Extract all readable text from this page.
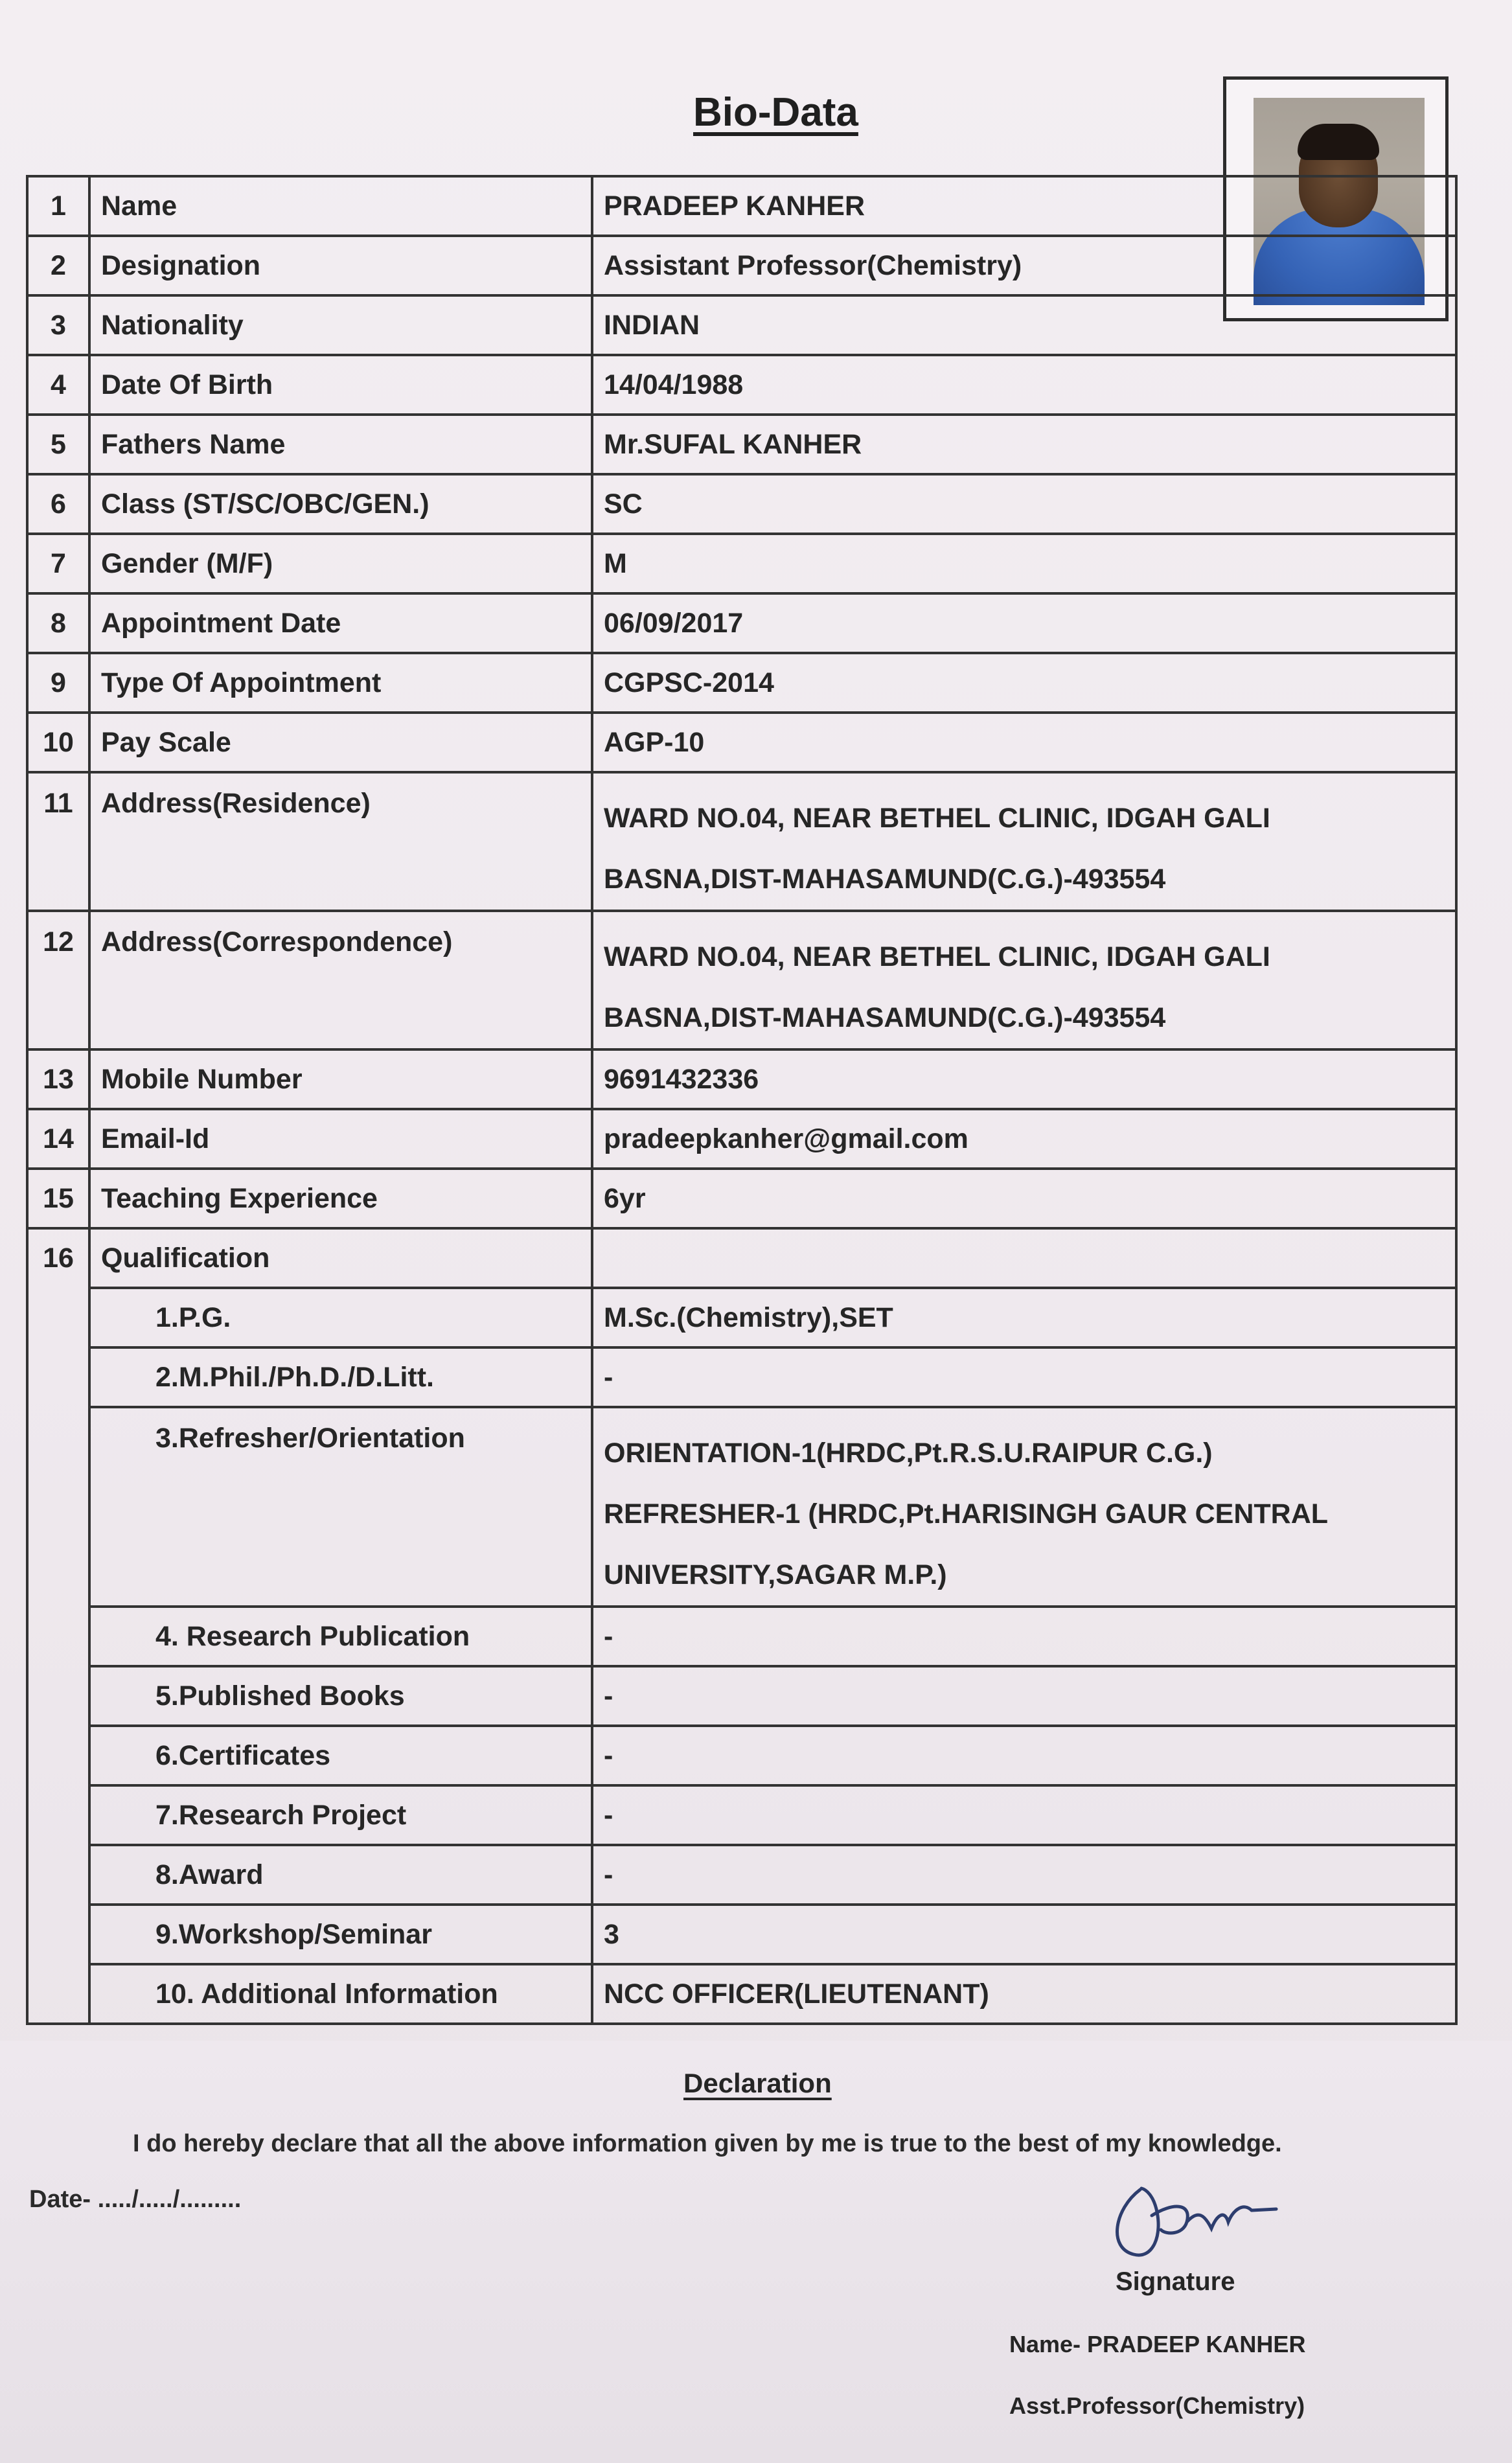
Bio-Data
1	Name	PRADEEP KANHER
2	Designation	Assistant Professor(Chemistry)
3	Nationality	INDIAN
4	Date Of Birth	14/04/1988
5	Fathers Name	Mr.SUFAL KANHER
6	Class (ST/SC/OBC/GEN.)	SC
7	Gender (M/F)	M
8	Appointment Date	06/09/2017
9	Type Of Appointment	CGPSC-2014
10	Pay Scale	AGP-10
11	Address(Residence)	WARD NO.04, NEAR BETHEL CLINIC, IDGAH GALI
BASNA,DIST-MAHASAMUND(C.G.)-493554

12	Address(Correspondence)	WARD NO.04, NEAR BETHEL CLINIC, IDGAH GALI
BASNA,DIST-MAHASAMUND(C.G.)-493554

13	Mobile Number	9691432336
14	Email-Id	pradeepkanher@gmail.com
15	Teaching Experience	6yr
16	Qualification	
	1.P.G.	M.Sc.(Chemistry),SET
	2.M.Phil./Ph.D./D.Litt.	-
	3.Refresher/Orientation	ORIENTATION-1(HRDC,Pt.R.S.U.RAIPUR C.G.)
REFRESHER-1 (HRDC,Pt.HARISINGH GAUR CENTRAL
UNIVERSITY,SAGAR M.P.)

	4. Research Publication	-
	5.Published Books	-
	6.Certificates	-
	7.Research Project	-
	8.Award	-
	9.Workshop/Seminar	3
	10. Additional Information	NCC OFFICER(LIEUTENANT)
Declaration
I do hereby declare that all the above information given by me is true to the best of my knowledge.
Date- ...../...../.........
Signature
Name- PRADEEP KANHER
Asst.Professor(Chemistry)
